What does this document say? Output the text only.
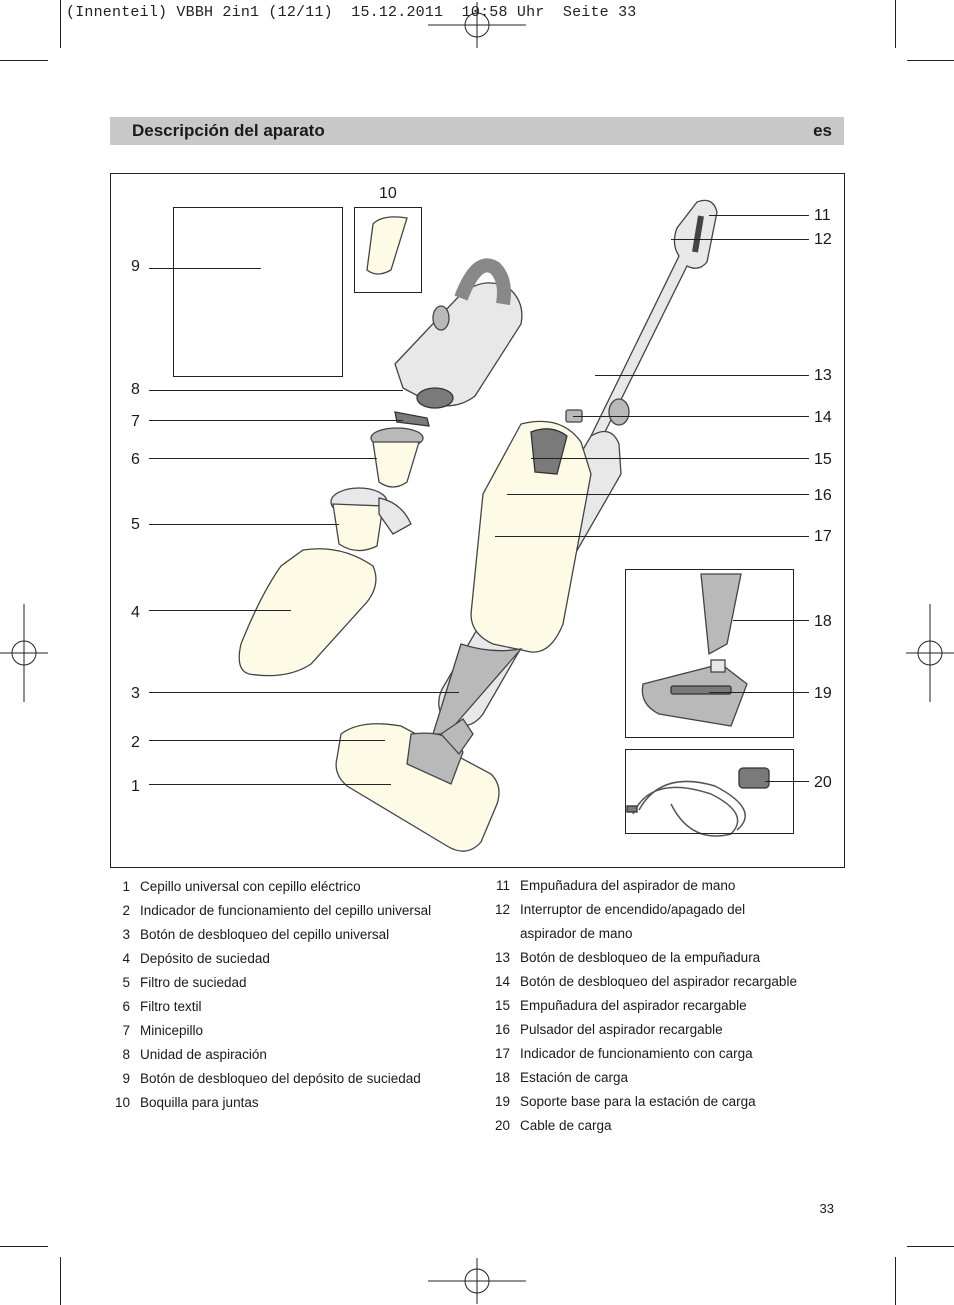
(Innenteil) VBBH 2in1 (12/11)  15.12.2011  10:58 Uhr  Seite 33
Descripción del aparato	es
9
10
8
7
6
5
4
3
2
1
11
12
13
14
15
16
17
18
19
20
1 Cepillo universal con cepillo eléctrico
2 Indicador de funcionamiento del cepillo universal
3 Botón de desbloqueo del cepillo universal
4 Depósito de suciedad
5 Filtro de suciedad
6 Filtro textil
7 Minicepillo
8 Unidad de aspiración
9 Botón de desbloqueo del depósito de suciedad
10 Boquilla para juntas
11 Empuñadura del aspirador de mano
12 Interruptor de encendido/apagado del
aspirador de mano
13 Botón de desbloqueo de la empuñadura
14 Botón de desbloqueo del aspirador recargable
15 Empuñadura del aspirador recargable
16 Pulsador del aspirador recargable
17 Indicador de funcionamiento con carga
18 Estación de carga
19 Soporte base para la estación de carga
20 Cable de carga
33
